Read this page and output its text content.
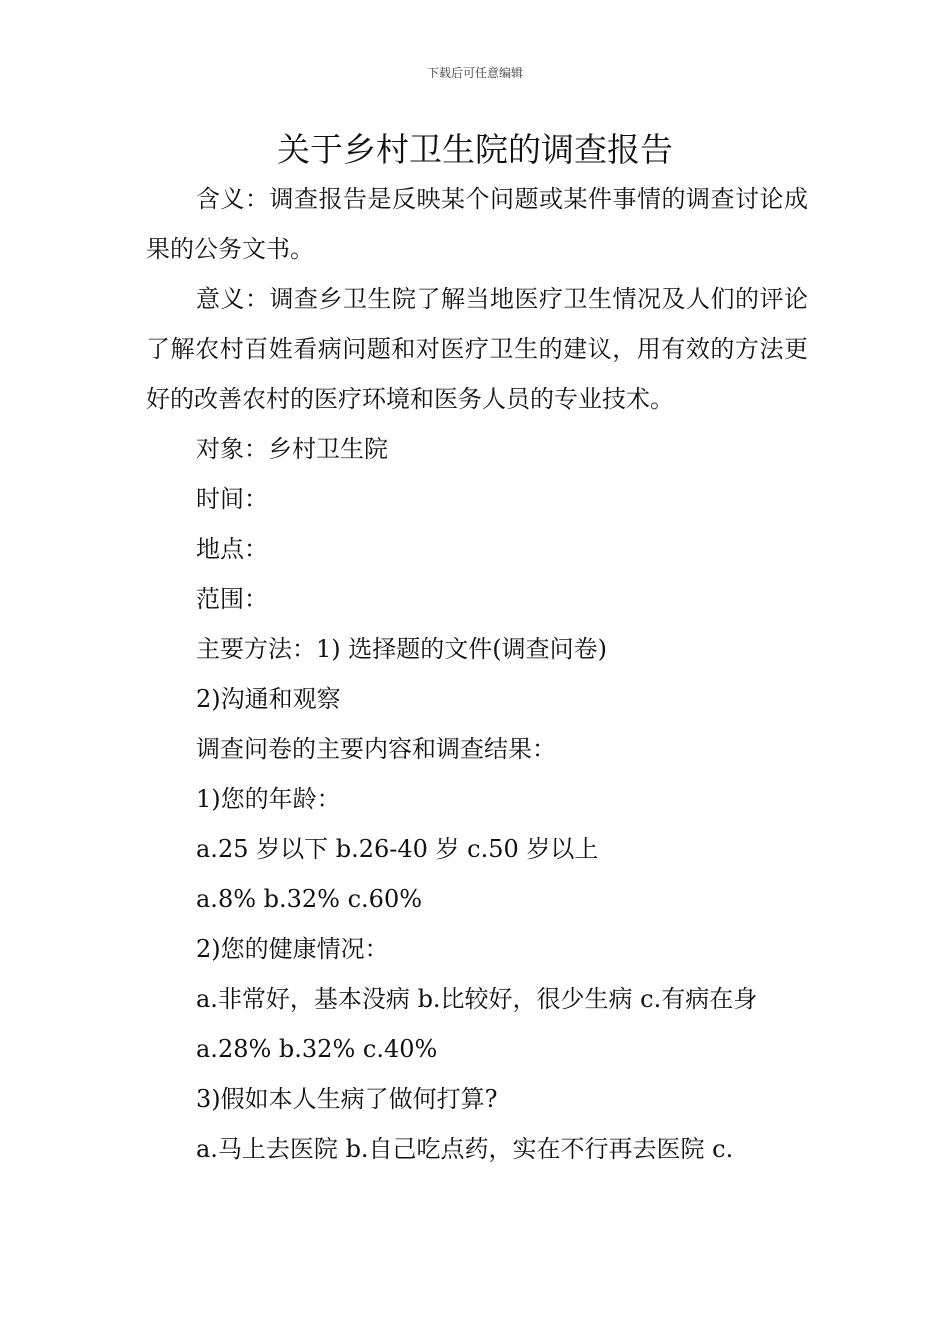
下载后可任意编辑
关于乡村卫生院的调查报告

含义：调查报告是反映某个问题或某件事情的调查讨论成果的公务文书。

意义：调查乡卫生院了解当地医疗卫生情况及人们的评论了解农村百姓看病问题和对医疗卫生的建议，用有效的方法更好的改善农村的医疗环境和医务人员的专业技术。

对象：乡村卫生院

时间：

地点：

范围：

主要方法：1) 选择题的文件(调查问卷)

2)沟通和观察

调查问卷的主要内容和调查结果：

1)您的年龄：

a.25 岁以下 b.26-40 岁 c.50 岁以上

a.8% b.32% c.60%

2)您的健康情况：

a.非常好，基本没病 b.比较好，很少生病 c.有病在身

a.28% b.32% c.40%

3)假如本人生病了做何打算?

a.马上去医院 b.自己吃点药，实在不行再去医院 c.
